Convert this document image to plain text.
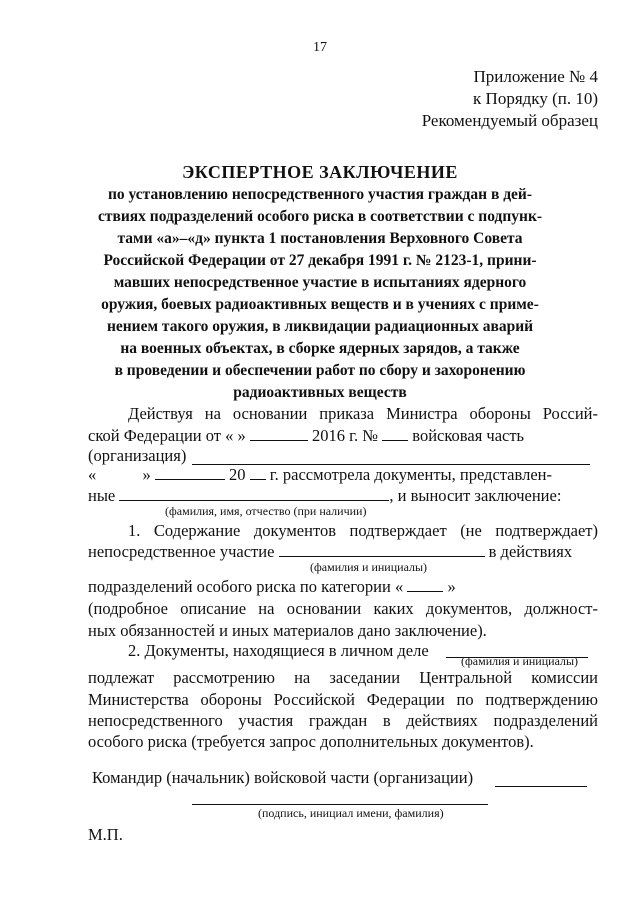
17
Приложение № 4
к Порядку (п. 10)
Рекомендуемый образец
ЭКСПЕРТНОЕ ЗАКЛЮЧЕНИЕ
по установлению непосредственного участия граждан в дей-
ствиях подразделений особого риска в соответствии с подпунк-
тами «а»–«д» пункта 1 постановления Верховного Совета
Российской Федерации от 27 декабря 1991 г. № 2123-1, прини-
мавших непосредственное участие в испытаниях ядерного
оружия, боевых радиоактивных веществ и в учениях с приме-
нением такого оружия, в ликвидации радиационных аварий
на военных объектах, в сборке ядерных зарядов, а также
в проведении и обеспечении работ по сбору и захоронению
радиоактивных веществ
Действуя на основании приказа Министра обороны Россий-
ской Федерации от « »	2016 г. № войсковая часть
(организация)
«	»	20 г. рассмотрела документы, представлен-
ные	, и выносит заключение:
(фамилия, имя, отчество (при наличии)
1. Содержание документов подтверждает (не подтверждает)
непосредственное участие	в действиях
(фамилия и инициалы)
подразделений особого риска по категории «	»
(подробное описание на основании каких документов, должност-
ных обязанностей и иных материалов дано заключение).
2. Документы, находящиеся в личном деле
(фамилия и инициалы)
подлежат рассмотрению на заседании Центральной комиссии
Министерства обороны Российской Федерации по подтверждению
непосредственного участия граждан в действиях подразделений
особого риска (требуется запрос дополнительных документов).
Командир (начальник) войсковой части (организации)
(подпись, инициал имени, фамилия)
М.П.
